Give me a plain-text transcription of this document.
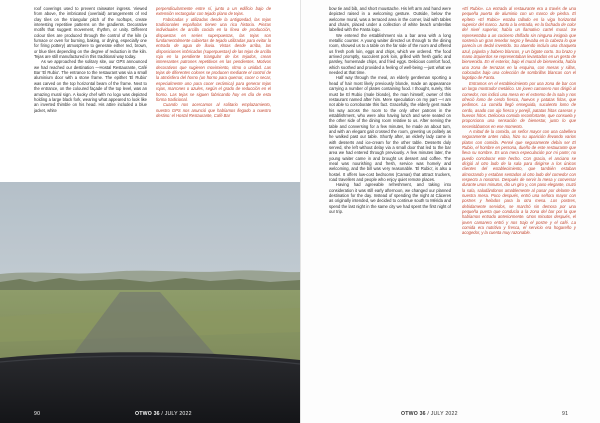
roof coverings used to prevent rainwater ingress. Viewed from above, the imbricated (overlaid) arrangements of red clay tiles on the triangular pitch of the rooftops, create interesting repetitive patterns on the gradients. Decorative motifs that suggest movement, rhythm, or unity. Different colour tiles are produced through the control of the kiln (a furnace or oven for burning, baking, or drying, especially one for firing pottery) atmosphere to generate either red, brown, or blue tiles depending on the degree of reduction in the kiln. Tejas are still manufactured in this traditional way today.

As we approached the solitary site, our GPS announced we had reached our destination —Hostal Restaurante, Café Bar 'El Rubio'. The entrance to the restaurant was via a small aluminium door with a stone frame. The epithet 'El Rubio' was carved on the top horizontal beam of the frame. Next to the entrance, on the coloured façade of the top level, was an amazing mural sign. A kooky chef with no logo was depicted holding a large black fork, wearing what appeared to look like an inverted thimble on his head. His attire included a blue jacket, white

perpendicularmente entre sí, junto a un edificio bajo de extensión rectangular con tejado plano de tejas.

Fabricadas y utilizadas desde la antigüedad, las tejas tradicionales españolas tienen una rica historia. Piezas individuales de arcilla cocida en la línea de producción, dispuestas en series superpuestas, las tejas son fundamentalmente cubiertas de tejado utilizadas para evitar la entrada de agua de lluvia. Vistas desde arriba, las disposiciones imbricadas (superpuestas) de las tejas de arcilla roja en la pendiente triangular de los tejados, crean interesantes patrones repetitivos en las pendientes. Motivos decorativos que sugieren movimiento, ritmo o unidad. Las tejas de diferentes colores se producen mediante el control de la atmósfera del horno (un horno para quemar, cocer o secar, especialmente uno para cocer cerámica) para generar tejas rojas, marrones o azules, según el grado de reducción en el horno. Las tejas se siguen fabricando hoy en día de esta forma tradicional.

Cuando nos acercamos al solitario emplazamiento, nuestro GPS nos anunció que habíamos llegado a nuestro destino: el Hostal Restaurante, Café Bar

90	OTWO 36 / JULY 2022

bow tie and bib, and short moustache. His left arm and hand were depicted raised in a welcoming gesture. Outside, below the welcome mural, was a terraced area in the corner, laid with tables and chairs, placed under a collection of white beach umbrellas labelled with the Fanta logo.

We entered the establishment via a bar area with a long metallic counter. A young waiter directed us through to the dining room, showed us to a table on the far side of the room and offered us fresh pork loin, eggs and chips, which we ordered. The food arrived promptly, succulent pork loin, grilled with fresh garlic and parsley, homemade chips, and fried eggs. Delicious comfort food, which soothed and provided a feeling of well-being —just what we needed at that time.

Half way through the meal, an elderly gentleman sporting a head of hair most likely previously blonde, made an appearance carrying a number of plates containing food. I thought, surely, this must be El Rubio (male blonde), the man himself, owner of this restaurant named after him. Mere speculation on my part —I am not able to corroborate this fact. Gracefully, the elderly gent made his way across the room to the only other patrons in the establishment, who were also having lunch and were seated on the other side of the dining room relative to us. After serving the table and conversing for a few minutes, he made an about turn, and with an elegant gait crossed the room, greeting us politely as he walked past our table. Shortly after, an elderly lady came in with desserts and ice-cream for the other table. Desserts duly served, she left without delay via a small door that led to the bar area we had entered through previously. A few minutes later, the young waiter came in and brought us dessert and coffee. The meal was nourishing and fresh, service was homely and welcoming, and the bill was very reasonable. 'El Rubio', is also a hostel. It offers low-cost bedrooms (Camas) that attract truckers, road travellers and people who enjoy quiet remote places.

Having had agreeable refreshment, and taking into consideration it was still early afternoon, we changed our planned destination for the day. Instead of spending the night at Cáceres as originally intended, we decided to continue south to Mérida and spend the last night in the same city we had spent the first night of our trip.

«El Rubio». La entrada al restaurante era a través de una pequeña puerta de aluminio con un marco de piedra. El epíteto «El Rubio» estaba tallado en la viga horizontal superior del marco. Junto a la entrada, en la fachada de color del nivel superior, había un llamativo cartel mural. Se representaba a un cocinero chiflado sin ninguna insignia que sostenía un gran tenedor negro y llevaba en la cabeza lo que parecía un dedal invertido. Su atuendo incluía una chaqueta azul, pajarita y babero blancos, y un bigote corto. Su brazo y mano izquierdos se representaban levantados en un gesto de bienvenida. En el exterior, bajo el mural de bienvenida, había una zona de terrazas en la esquina, con mesas y sillas, colocadas bajo una colección de sombrillas blancas con el logotipo de Fanta.

Entramos en el establecimiento por una zona de bar con un largo mostrador metálico. Un joven camarero nos dirigió al comedor, nos indicó una mesa en el extremo de la sala y nos ofreció lomo de cerdo fresco, huevos y patatas fritas, que pedimos. La comida llegó enseguida, suculento lomo de cerdo, asado con ajo fresco y perejil, patatas fritas caseras y huevos fritos. Deliciosa comida reconfortante, que consuela y proporciona una sensación de bienestar, justo lo que necesitábamos en ese momento.

A mitad de la comida, un señor mayor con una cabellera seguramente antes rubia, hizo su aparición llevando varios platos con comida. Pensé que seguramente debía ser El Rubio, el hombre en persona, dueño de este restaurante que lleva su nombre. Es una mera especulación por mi parte; no puedo corroborar este hecho. Con gracia, el anciano se dirigió al otro lado de la sala para dirigirse a los únicos clientes del establecimiento, que también estaban almorzando y estaban sentados al otro lado del comedor con respecto a nosotros. Después de servir la mesa y conversar durante unos minutos, dio un giro y, con paso elegante, cruzó la sala, saludándonos amablemente al pasar por delante de nuestra mesa. Poco después, entró una señora mayor con postres y helados para la otra mesa. Los postres, debidamente servidos, se marchó sin demora por una pequeña puerta que conducía a la zona del bar por la que habíamos entrado anteriormente. Unos minutos después, el joven camarero entró y nos trajo el postre y el café. La comida era nutritiva y fresca, el servicio era hogareño y acogedor, y la cuenta muy razonable.

OTWO 36 / JULY 2022	91
